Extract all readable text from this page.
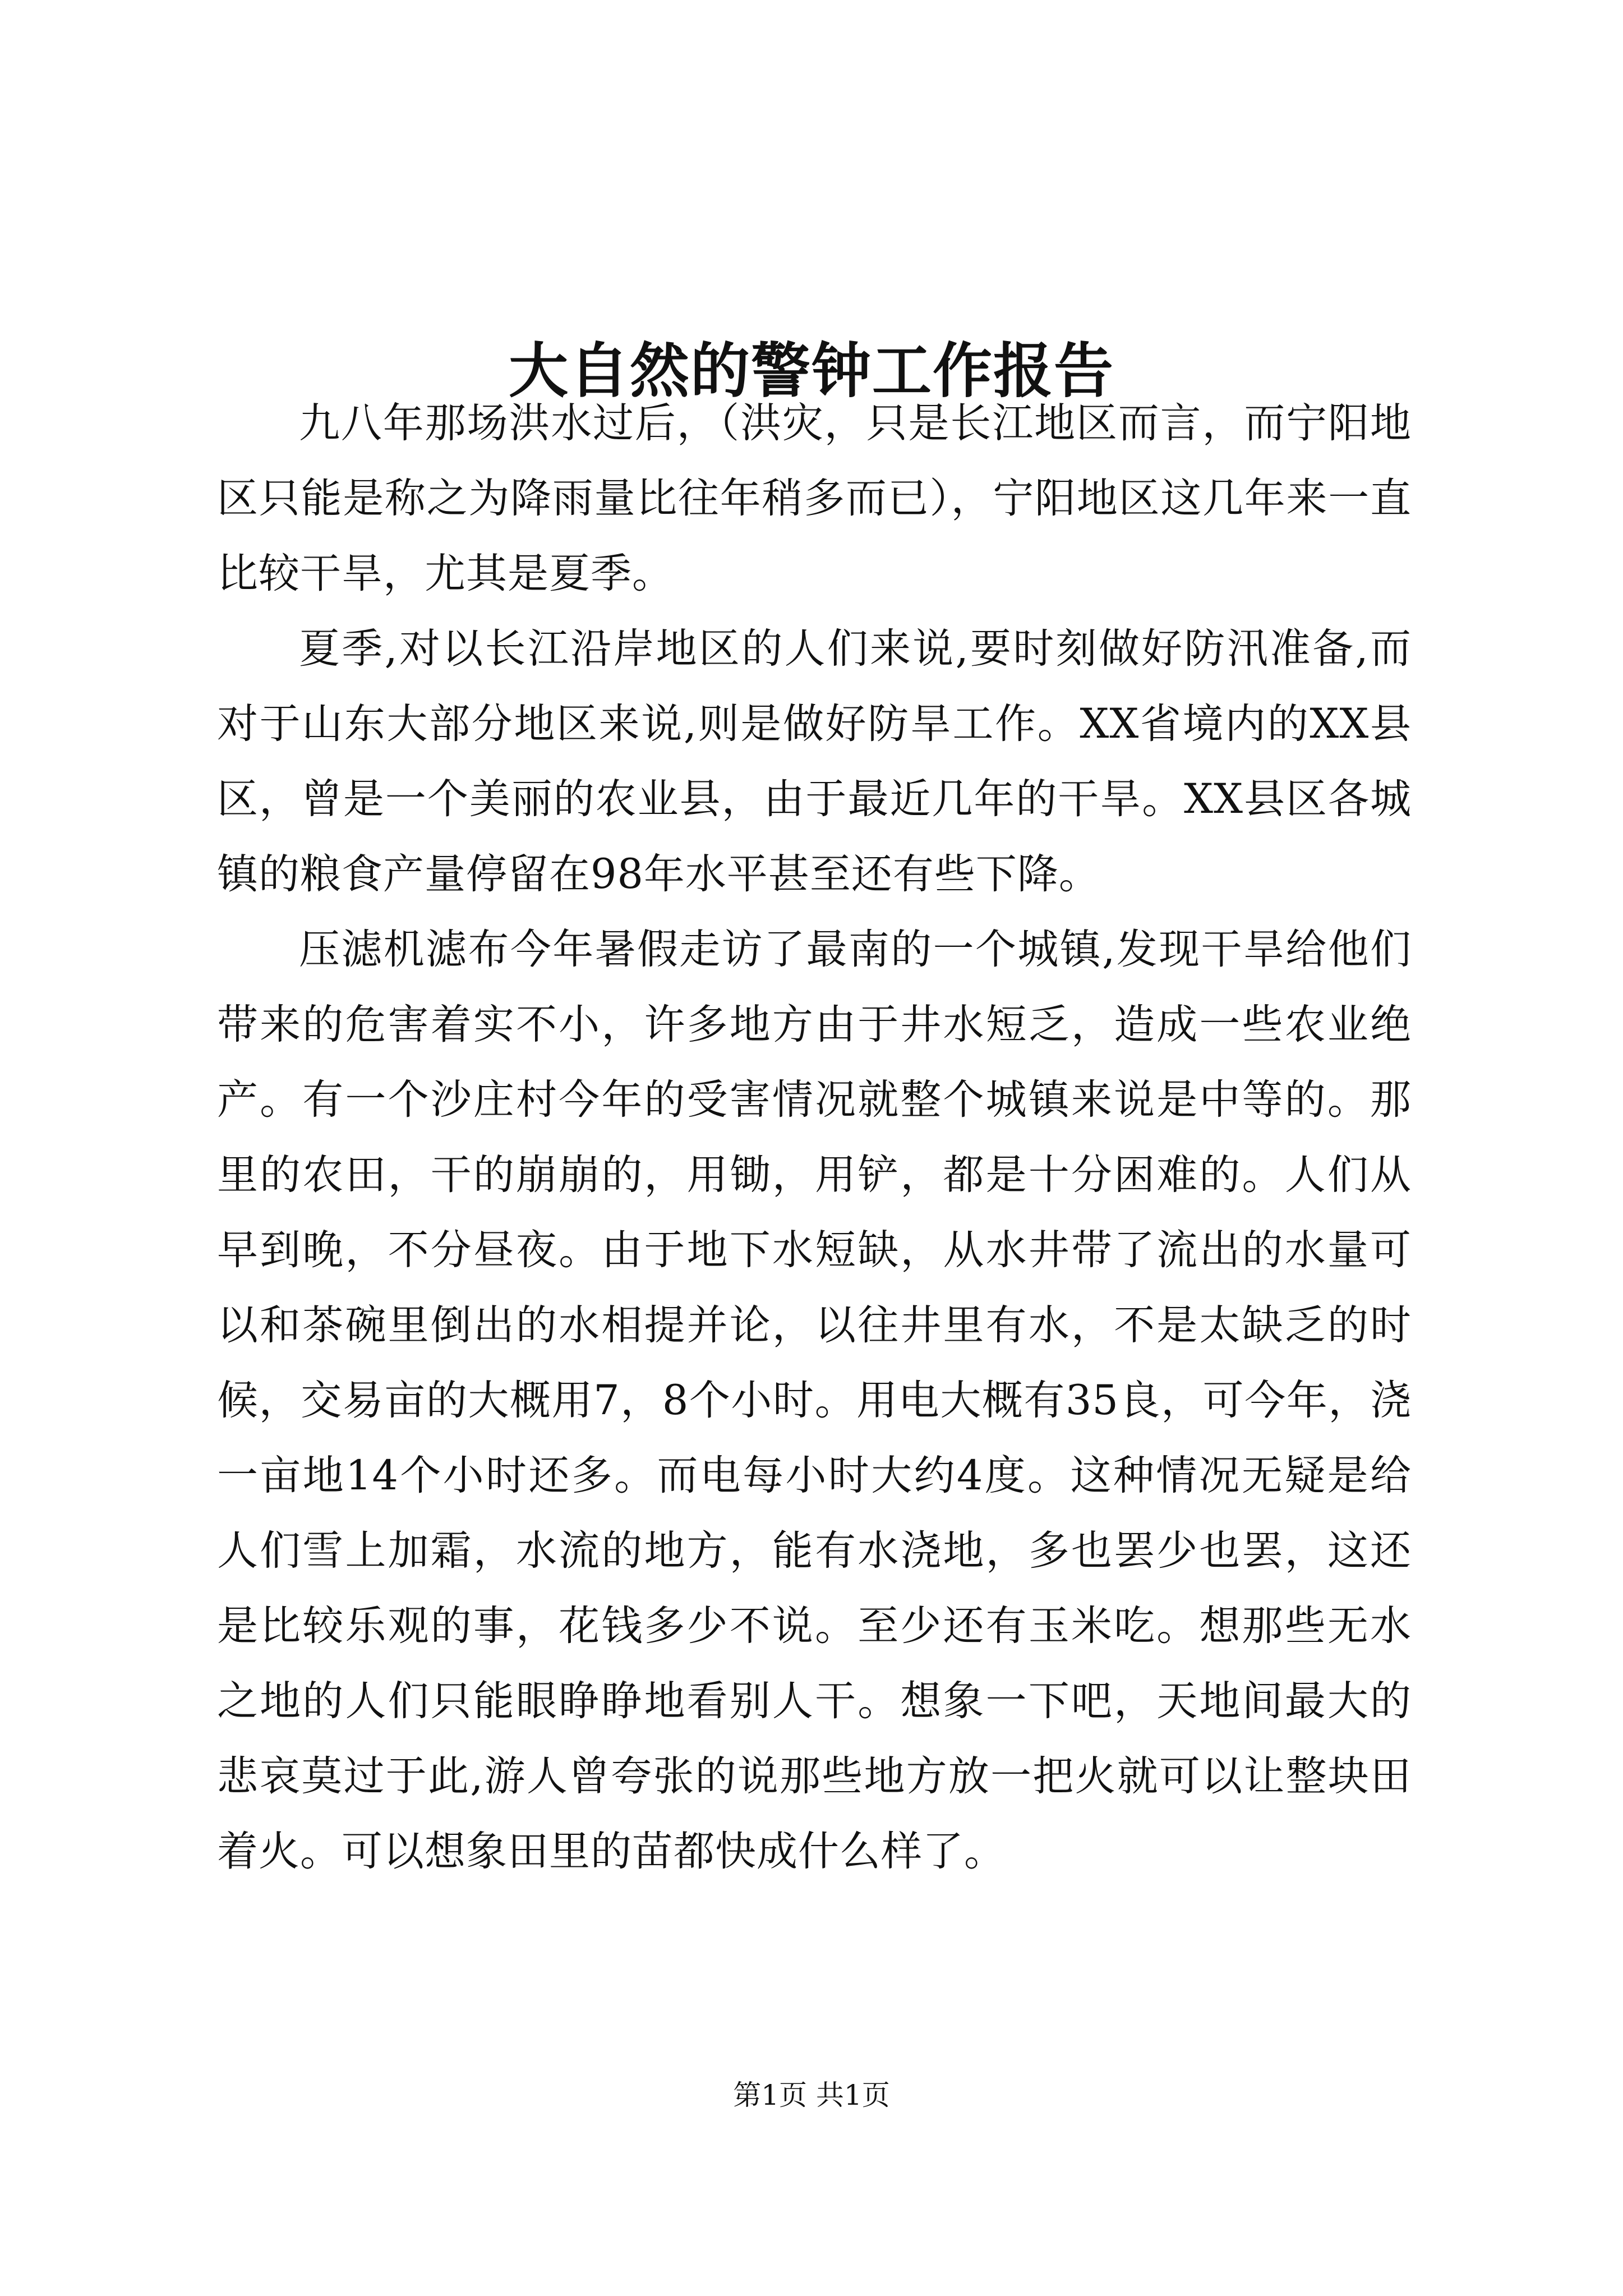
大自然的警钟工作报告

九八年那场洪水过后，（洪灾，只是长江地区而言，而宁阳地区只能是称之为降雨量比往年稍多而已），宁阳地区这几年来一直比较干旱，尤其是夏季。

夏季,对以长江沿岸地区的人们来说,要时刻做好防汛准备,而对于山东大部分地区来说,则是做好防旱工作。XX省境内的XX县区，曾是一个美丽的农业县，由于最近几年的干旱。XX县区各城镇的粮食产量停留在98年水平甚至还有些下降。

压滤机滤布今年暑假走访了最南的一个城镇,发现干旱给他们带来的危害着实不小，许多地方由于井水短乏，造成一些农业绝产。有一个沙庄村今年的受害情况就整个城镇来说是中等的。那里的农田，干的崩崩的，用锄，用铲，都是十分困难的。人们从早到晚，不分昼夜。由于地下水短缺，从水井带了流出的水量可以和茶碗里倒出的水相提并论，以往井里有水，不是太缺乏的时候，交易亩的大概用7，8个小时。用电大概有35良，可今年，浇一亩地14个小时还多。而电每小时大约4度。这种情况无疑是给人们雪上加霜，水流的地方，能有水浇地，多也罢少也罢，这还是比较乐观的事，花钱多少不说。至少还有玉米吃。想那些无水之地的人们只能眼睁睁地看别人干。想象一下吧，天地间最大的悲哀莫过于此,游人曾夸张的说那些地方放一把火就可以让整块田着火。可以想象田里的苗都快成什么样了。

第1页 共1页
